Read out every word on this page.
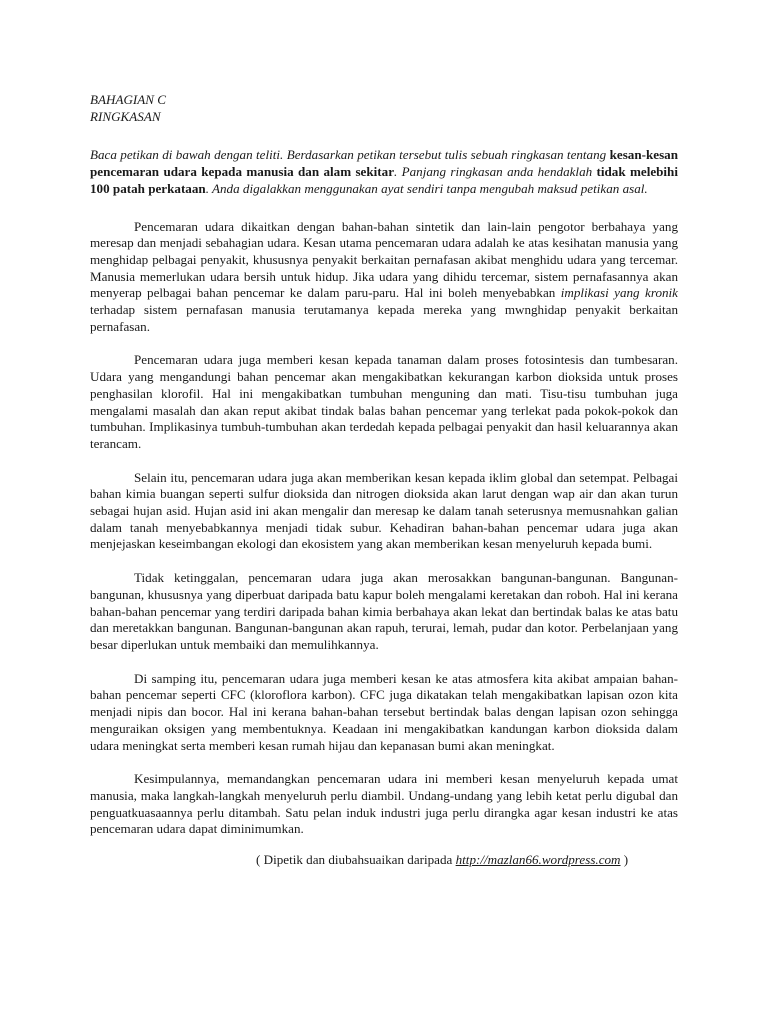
BAHAGIAN C

RINGKASAN

Baca petikan di bawah dengan teliti. Berdasarkan petikan tersebut tulis sebuah ringkasan tentang kesan-kesan pencemaran udara kepada manusia dan alam sekitar. Panjang ringkasan anda hendaklah tidak melebihi 100 patah perkataan. Anda digalakkan menggunakan ayat sendiri tanpa mengubah maksud petikan asal.

Pencemaran udara dikaitkan dengan bahan-bahan sintetik dan lain-lain pengotor berbahaya yang meresap dan menjadi sebahagian udara. Kesan utama pencemaran udara adalah ke atas kesihatan manusia yang menghidap pelbagai penyakit, khususnya penyakit berkaitan pernafasan akibat menghidu udara yang tercemar. Manusia memerlukan udara bersih untuk hidup. Jika udara yang dihidu tercemar, sistem pernafasannya akan menyerap pelbagai bahan pencemar ke dalam paru-paru. Hal ini boleh menyebabkan implikasi yang kronik terhadap sistem pernafasan manusia terutamanya kepada mereka yang mwnghidap penyakit berkaitan pernafasan.

Pencemaran udara juga memberi kesan kepada tanaman dalam proses fotosintesis dan tumbesaran. Udara yang mengandungi bahan pencemar akan mengakibatkan kekurangan karbon dioksida untuk proses penghasilan klorofil. Hal ini mengakibatkan tumbuhan menguning dan mati. Tisu-tisu tumbuhan juga mengalami masalah dan akan reput akibat tindak balas bahan pencemar yang terlekat pada pokok-pokok dan tumbuhan. Implikasinya tumbuh-tumbuhan akan terdedah kepada pelbagai penyakit dan hasil keluarannya akan terancam.

Selain itu, pencemaran udara juga akan memberikan kesan kepada iklim global dan setempat. Pelbagai bahan kimia buangan seperti sulfur dioksida dan nitrogen dioksida akan larut dengan wap air dan akan turun sebagai hujan asid. Hujan asid ini akan mengalir dan meresap ke dalam tanah seterusnya memusnahkan galian dalam tanah menyebabkannya menjadi tidak subur. Kehadiran bahan-bahan pencemar udara juga akan menjejaskan keseimbangan ekologi dan ekosistem yang akan memberikan kesan menyeluruh kepada bumi.

Tidak ketinggalan, pencemaran udara juga akan merosakkan bangunan-bangunan. Bangunan-bangunan, khususnya yang diperbuat daripada batu kapur boleh mengalami keretakan dan roboh. Hal ini kerana bahan-bahan pencemar yang terdiri daripada bahan kimia berbahaya akan lekat dan bertindak balas ke atas batu dan meretakkan bangunan. Bangunan-bangunan akan rapuh, terurai, lemah, pudar dan kotor. Perbelanjaan yang besar diperlukan untuk membaiki dan memulihkannya.

Di samping itu, pencemaran udara juga memberi kesan ke atas atmosfera kita akibat ampaian bahan-bahan pencemar seperti CFC (kloroflora karbon). CFC juga dikatakan telah mengakibatkan lapisan ozon kita menjadi nipis dan bocor. Hal ini kerana bahan-bahan tersebut bertindak balas dengan lapisan ozon sehingga menguraikan oksigen yang membentuknya. Keadaan ini mengakibatkan kandungan karbon dioksida dalam udara meningkat serta memberi kesan rumah hijau dan kepanasan bumi akan meningkat.

Kesimpulannya, memandangkan pencemaran udara ini memberi kesan menyeluruh kepada umat manusia, maka langkah-langkah menyeluruh perlu diambil. Undang-undang yang lebih ketat perlu digubal dan penguatkuasaannya perlu ditambah. Satu pelan induk industri juga perlu dirangka agar kesan industri ke atas pencemaran udara dapat diminimumkan.

( Dipetik dan diubahsuaikan daripada http://mazlan66.wordpress.com )
